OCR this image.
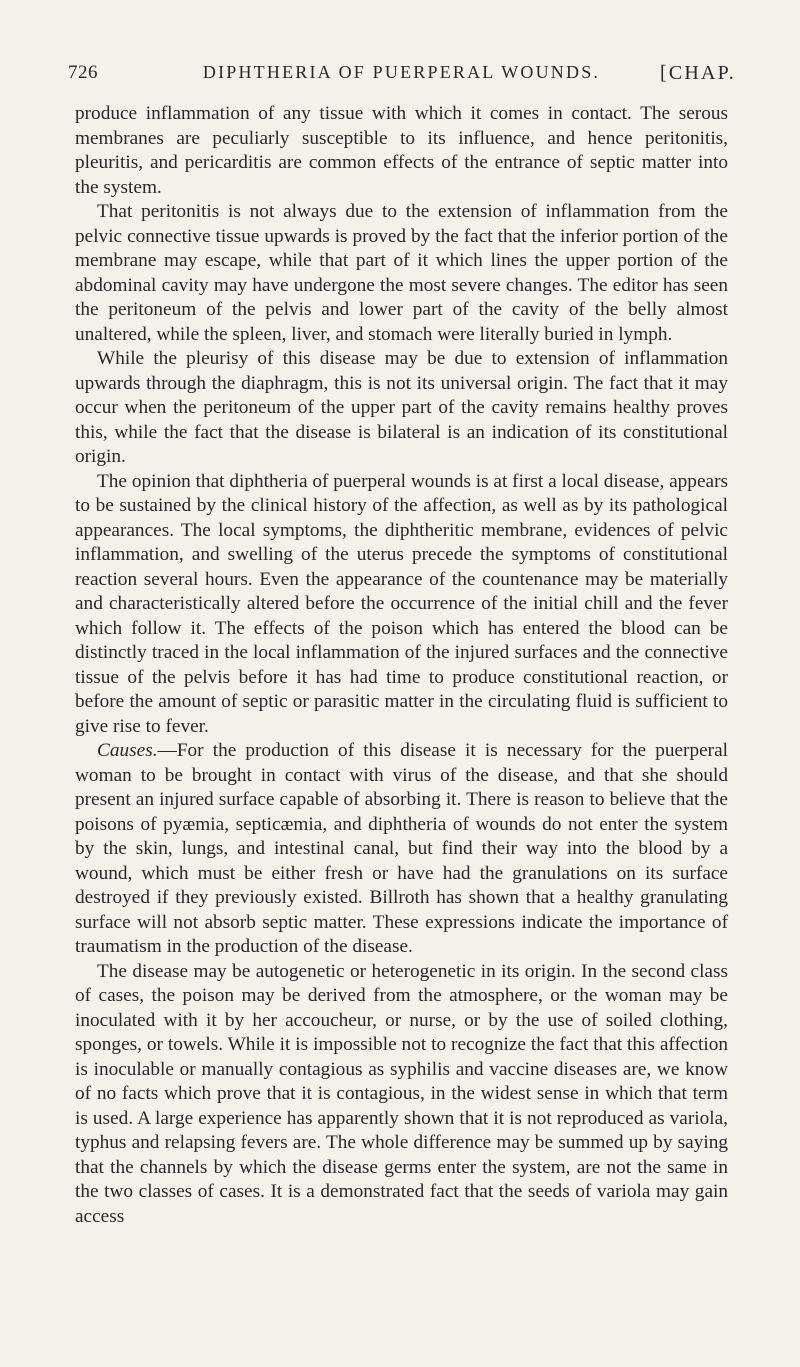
726	DIPHTHERIA OF PUERPERAL WOUNDS.	[CHAP.

produce inflammation of any tissue with which it comes in contact. The serous membranes are peculiarly susceptible to its influence, and hence peritonitis, pleuritis, and pericarditis are common effects of the entrance of septic matter into the system.

That peritonitis is not always due to the extension of inflammation from the pelvic connective tissue upwards is proved by the fact that the inferior portion of the membrane may escape, while that part of it which lines the upper portion of the abdominal cavity may have undergone the most severe changes. The editor has seen the peritoneum of the pelvis and lower part of the cavity of the belly almost unaltered, while the spleen, liver, and stomach were literally buried in lymph.

While the pleurisy of this disease may be due to extension of inflammation upwards through the diaphragm, this is not its universal origin. The fact that it may occur when the peritoneum of the upper part of the cavity remains healthy proves this, while the fact that the disease is bilateral is an indication of its constitutional origin.

The opinion that diphtheria of puerperal wounds is at first a local disease, appears to be sustained by the clinical history of the affection, as well as by its pathological appearances. The local symptoms, the diphtheritic membrane, evidences of pelvic inflammation, and swelling of the uterus precede the symptoms of constitutional reaction several hours. Even the appearance of the countenance may be materially and characteristically altered before the occurrence of the initial chill and the fever which follow it. The effects of the poison which has entered the blood can be distinctly traced in the local inflammation of the injured surfaces and the connective tissue of the pelvis before it has had time to produce constitutional reaction, or before the amount of septic or parasitic matter in the circulating fluid is sufficient to give rise to fever.

Causes.—For the production of this disease it is necessary for the puerperal woman to be brought in contact with virus of the disease, and that she should present an injured surface capable of absorbing it. There is reason to believe that the poisons of pyæmia, septicæmia, and diphtheria of wounds do not enter the system by the skin, lungs, and intestinal canal, but find their way into the blood by a wound, which must be either fresh or have had the granulations on its surface destroyed if they previously existed. Billroth has shown that a healthy granulating surface will not absorb septic matter. These expressions indicate the importance of traumatism in the production of the disease.

The disease may be autogenetic or heterogenetic in its origin. In the second class of cases, the poison may be derived from the atmosphere, or the woman may be inoculated with it by her accoucheur, or nurse, or by the use of soiled clothing, sponges, or towels. While it is impossible not to recognize the fact that this affection is inoculable or manually contagious as syphilis and vaccine diseases are, we know of no facts which prove that it is contagious, in the widest sense in which that term is used. A large experience has apparently shown that it is not reproduced as variola, typhus and relapsing fevers are. The whole difference may be summed up by saying that the channels by which the disease germs enter the system, are not the same in the two classes of cases. It is a demonstrated fact that the seeds of variola may gain access
